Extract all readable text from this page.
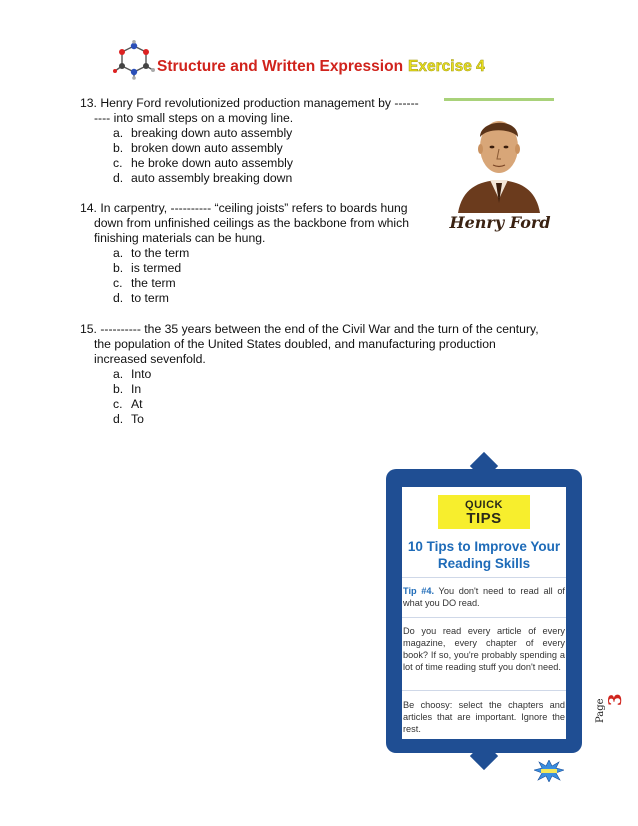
Structure and Written Expression Exercise 4
Henry Ford
13. Henry Ford revolutionized production management by ------
---- into small steps on a moving line.
a. breaking down auto assembly
b. broken down auto assembly
c. he broke down auto assembly
d. auto assembly breaking down
14. In carpentry, ---------- “ceiling joists” refers to boards hung
down from unfinished ceilings as the backbone from which finishing materials can be hung.
a. to the term
b. is termed
c. the term
d. to term
15. ---------- the 35 years between the end of the Civil War and the turn of the century,
the population of the United States doubled, and manufacturing production increased sevenfold.
a. Into
b. In
c. At
d. To
QUICK
TIPS
10 Tips to Improve Your Reading Skills
Tip #4. You don't need to read all of what you DO read.
Do you read every article of every magazine, every chapter of every book? If so, you're probably spending a lot of time reading stuff you don't need.
Be choosy: select the chapters and articles that are important. Ignore the rest.
Page 3
